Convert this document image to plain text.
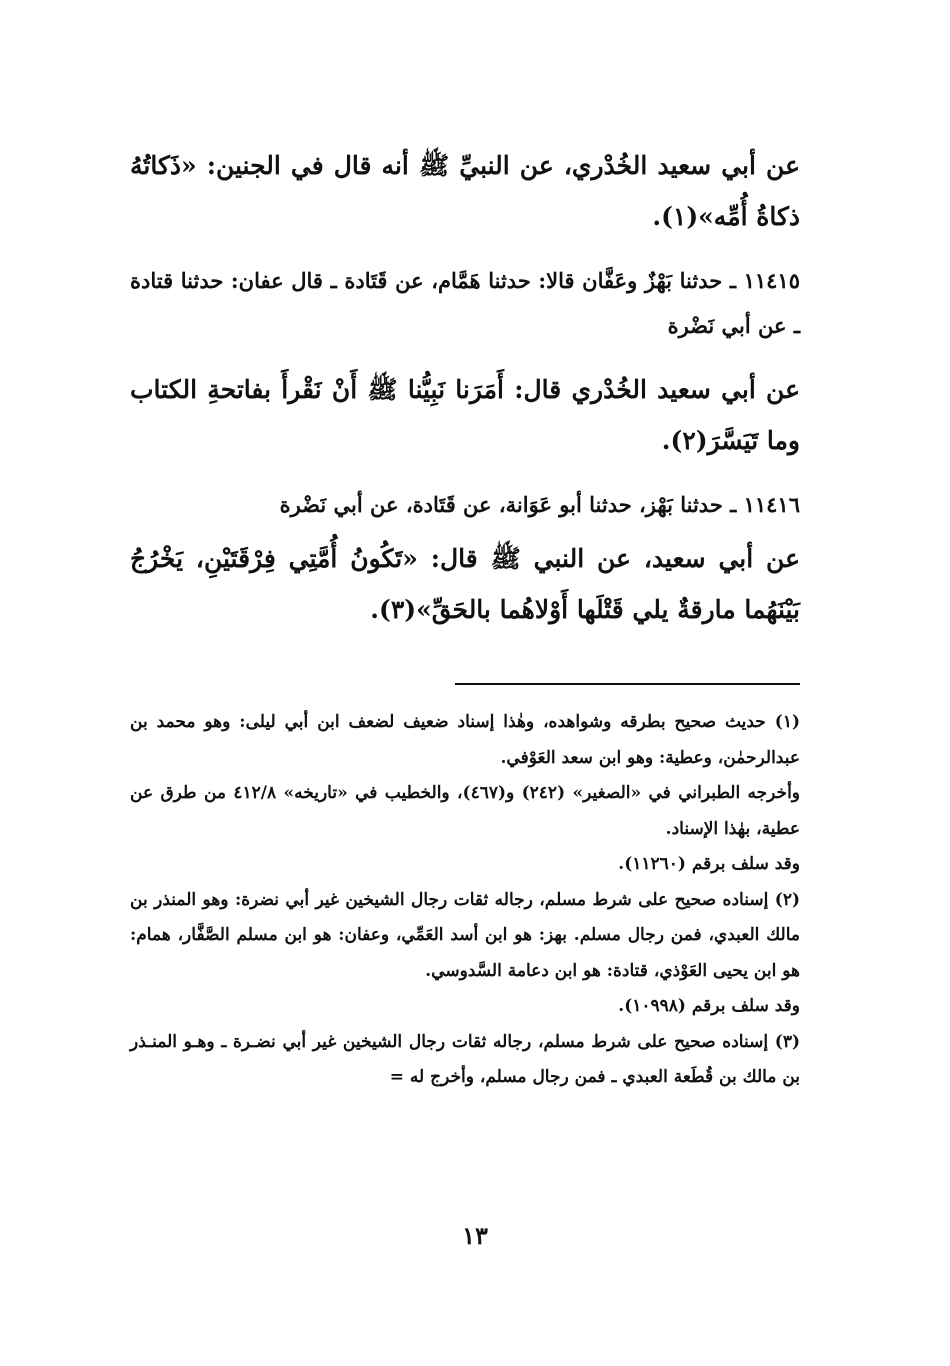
عن أبي سعيد الخُدْري، عن النبيِّ ﷺ أنه قال في الجنين: «ذَكاتُهُ ذكاةُ أُمِّه»(١).

١١٤١٥ ـ حدثنا بَهْزٌ وعَفَّان قالا: حدثنا هَمَّام، عن قَتَادة ـ قال عفان: حدثنا قتادة ـ عن أبي نَضْرة

عن أبي سعيد الخُدْري قال: أَمَرَنا نَبِيُّنا ﷺ أَنْ نَقْرأَ بفاتحةِ الكتاب وما تَيَسَّرَ(٢).

١١٤١٦ ـ حدثنا بَهْز، حدثنا أبو عَوَانة، عن قَتَادة، عن أبي نَضْرة

عن أبي سعيد، عن النبي ﷺ قال: «تَكُونُ أُمَّتِي فِرْقَتَيْنِ، يَخْرُجُ بَيْنَهُما مارقةٌ يلي قَتْلَها أَوْلاهُما بالحَقِّ»(٣).

(١) حديث صحيح بطرقه وشواهده، وهٰذا إسناد ضعيف لضعف ابن أبي ليلى: وهو محمد بن عبدالرحمٰن، وعطية: وهو ابن سعد العَوْفي.

وأخرجه الطبراني في «الصغير» (٢٤٢) و(٤٦٧)، والخطيب في «تاريخه» ٤١٢/٨ من طرق عن عطية، بهٰذا الإسناد.

وقد سلف برقم (١١٢٦٠).

(٢) إسناده صحيح على شرط مسلم، رجاله ثقات رجال الشيخين غير أبي نضرة: وهو المنذر بن مالك العبدي، فمن رجال مسلم. بهز: هو ابن أسد العَمِّي، وعفان: هو ابن مسلم الصَّفَّار، همام: هو ابن يحيى العَوْذي، قتادة: هو ابن دعامة السَّدوسي.

وقد سلف برقم (١٠٩٩٨).

(٣) إسناده صحيح على شرط مسلم، رجاله ثقات رجال الشيخين غير أبي نضـرة ـ وهـو المنـذر بن مالك بن قُطَعة العبدي ـ فمن رجال مسلم، وأخرج له =

١٣
